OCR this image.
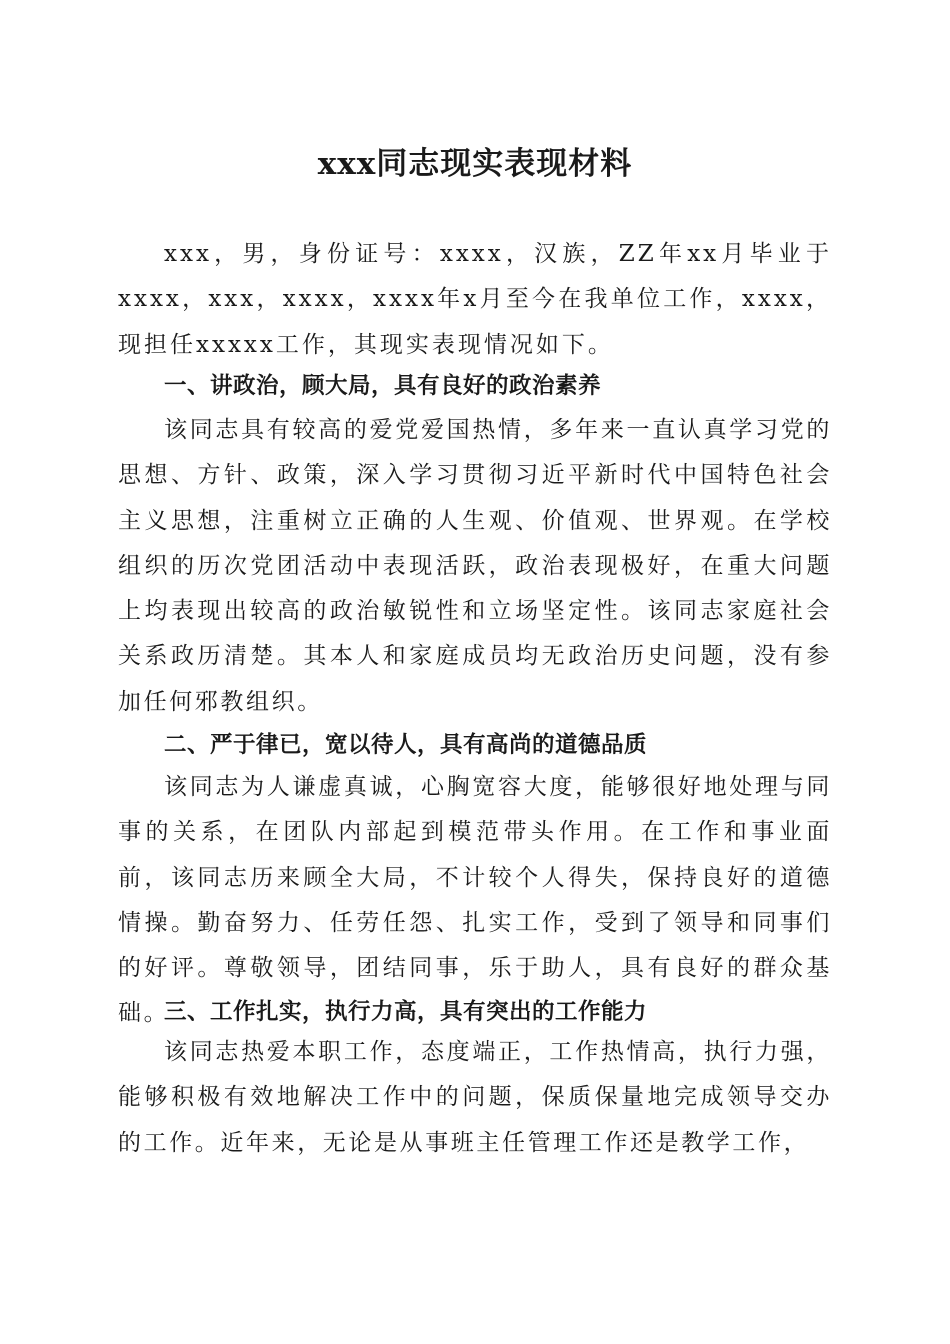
xxx同志现实表现材料

xxx，男，身份证号：xxxx，汉族，ZZ年xx月毕业于xxxx，xxx，xxxx，xxxx年x月至今在我单位工作，xxxx，现担任xxxxx工作，其现实表现情况如下。

一、讲政治，顾大局，具有良好的政治素养

该同志具有较高的爱党爱国热情，多年来一直认真学习党的思想、方针、政策，深入学习贯彻习近平新时代中国特色社会主义思想，注重树立正确的人生观、价值观、世界观。在学校组织的历次党团活动中表现活跃，政治表现极好，在重大问题上均表现出较高的政治敏锐性和立场坚定性。该同志家庭社会关系政历清楚。其本人和家庭成员均无政治历史问题，没有参加任何邪教组织。

二、严于律已，宽以待人，具有高尚的道德品质

该同志为人谦虚真诚，心胸宽容大度，能够很好地处理与同事的关系，在团队内部起到模范带头作用。在工作和事业面前，该同志历来顾全大局，不计较个人得失，保持良好的道德情操。勤奋努力、任劳任怨、扎实工作，受到了领导和同事们的好评。尊敬领导，团结同事，乐于助人，具有良好的群众基础。

三、工作扎实，执行力高，具有突出的工作能力

该同志热爱本职工作，态度端正，工作热情高，执行力强，能够积极有效地解决工作中的问题，保质保量地完成领导交办的工作。近年来，无论是从事班主任管理工作还是教学工作，
